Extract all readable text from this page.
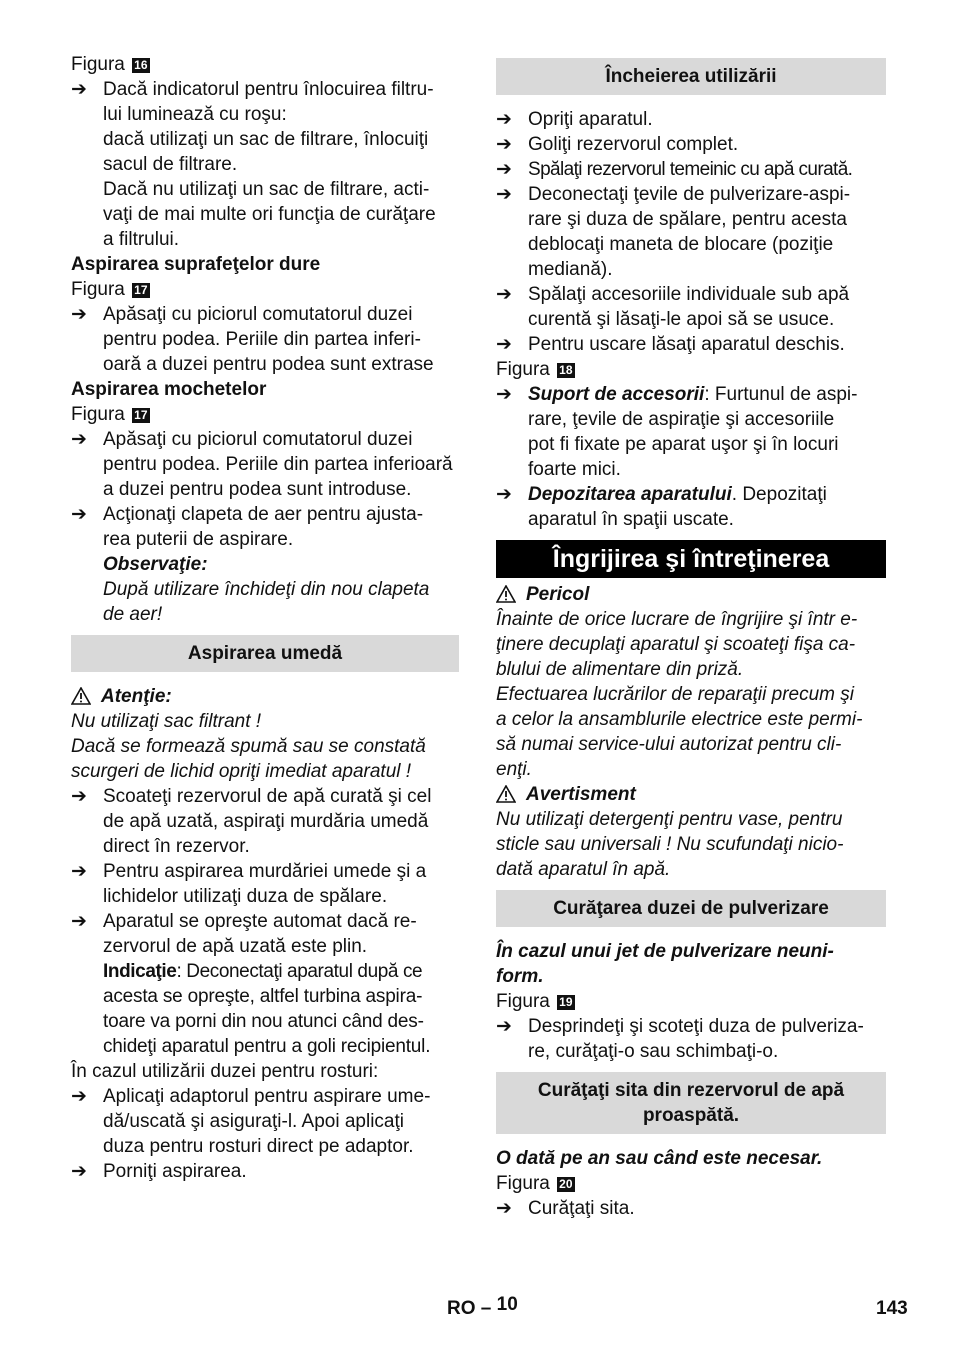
Figura 16
➔ Dacă indicatorul pentru înlocuirea filtru-
lui luminează cu roşu:
dacă utilizaţi un sac de filtrare, înlocuiţi
sacul de filtrare.
Dacă nu utilizaţi un sac de filtrare, acti-
vaţi de mai multe ori funcţia de curăţare
a filtrului.
Aspirarea suprafeţelor dure
Figura 17
➔ Apăsaţi cu piciorul comutatorul duzei
pentru podea. Periile din partea inferi-
oară a duzei pentru podea sunt extrase
Aspirarea mochetelor
Figura 17
➔ Apăsaţi cu piciorul comutatorul duzei
pentru podea. Periile din partea inferioară
a duzei pentru podea sunt introduse.
➔ Acţionaţi clapeta de aer pentru ajusta-
rea puterii de aspirare.
Observaţie:
După utilizare închideţi din nou clapeta
de aer!
Aspirarea umedă
Atenţie:
Nu utilizaţi sac filtrant !
Dacă se formează spumă sau se constată
scurgeri de lichid opriţi imediat aparatul !
➔ Scoateţi rezervorul de apă curată şi cel
de apă uzată, aspiraţi murdăria umedă
direct în rezervor.
➔ Pentru aspirarea murdăriei umede şi a
lichidelor utilizaţi duza de spălare.
➔ Aparatul se opreşte automat dacă re-
zervorul de apă uzată este plin.
Indicaţie: Deconectaţi aparatul după ce
acesta se opreşte, altfel turbina aspira-
toare va porni din nou atunci când des-
chideţi aparatul pentru a goli recipientul.
În cazul utilizării duzei pentru rosturi:
➔ Aplicaţi adaptorul pentru aspirare ume-
dă/uscată şi asiguraţi-l. Apoi aplicaţi
duza pentru rosturi direct pe adaptor.
➔ Porniţi aspirarea.
Încheierea utilizării
➔ Opriţi aparatul.
➔ Goliţi rezervorul complet.
➔ Spălaţi rezervorul temeinic cu apă curată.
➔ Deconectaţi ţevile de pulverizare-aspi-
rare şi duza de spălare, pentru acesta
deblocaţi maneta de blocare (poziţie
mediană).
➔ Spălaţi accesoriile individuale sub apă
curentă şi lăsaţi-le apoi să se usuce.
➔ Pentru uscare lăsaţi aparatul deschis.
Figura 18
➔ Suport de accesorii: Furtunul de aspi-
rare, ţevile de aspiraţie şi accesoriile
pot fi fixate pe aparat uşor şi în locuri
foarte mici.
➔ Depozitarea aparatului. Depozitaţi
aparatul în spaţii uscate.
Îngrijirea şi întreţinerea
Pericol
Înainte de orice lucrare de îngrijire şi într e-
ţinere decuplaţi aparatul şi scoateţi fişa ca-
blului de alimentare din priză.
Efectuarea lucrărilor de reparaţii precum şi
a celor la ansamblurile electrice este permi-
să numai service-ului autorizat pentru cli-
enţi.
Avertisment
Nu utilizaţi detergenţi pentru vase, pentru
sticle sau universali ! Nu scufundaţi nicio-
dată aparatul în apă.
Curăţarea duzei de pulverizare
În cazul unui jet de pulverizare neuni-
form.
Figura 19
➔ Desprindeţi şi scoteţi duza de pulveriza-
re, curăţaţi-o sau schimbaţi-o.
Curăţaţi sita din rezervorul de apă
proaspătă.
O dată pe an sau când este necesar.
Figura 20
➔ Curăţaţi sita.
RO – 10	143
